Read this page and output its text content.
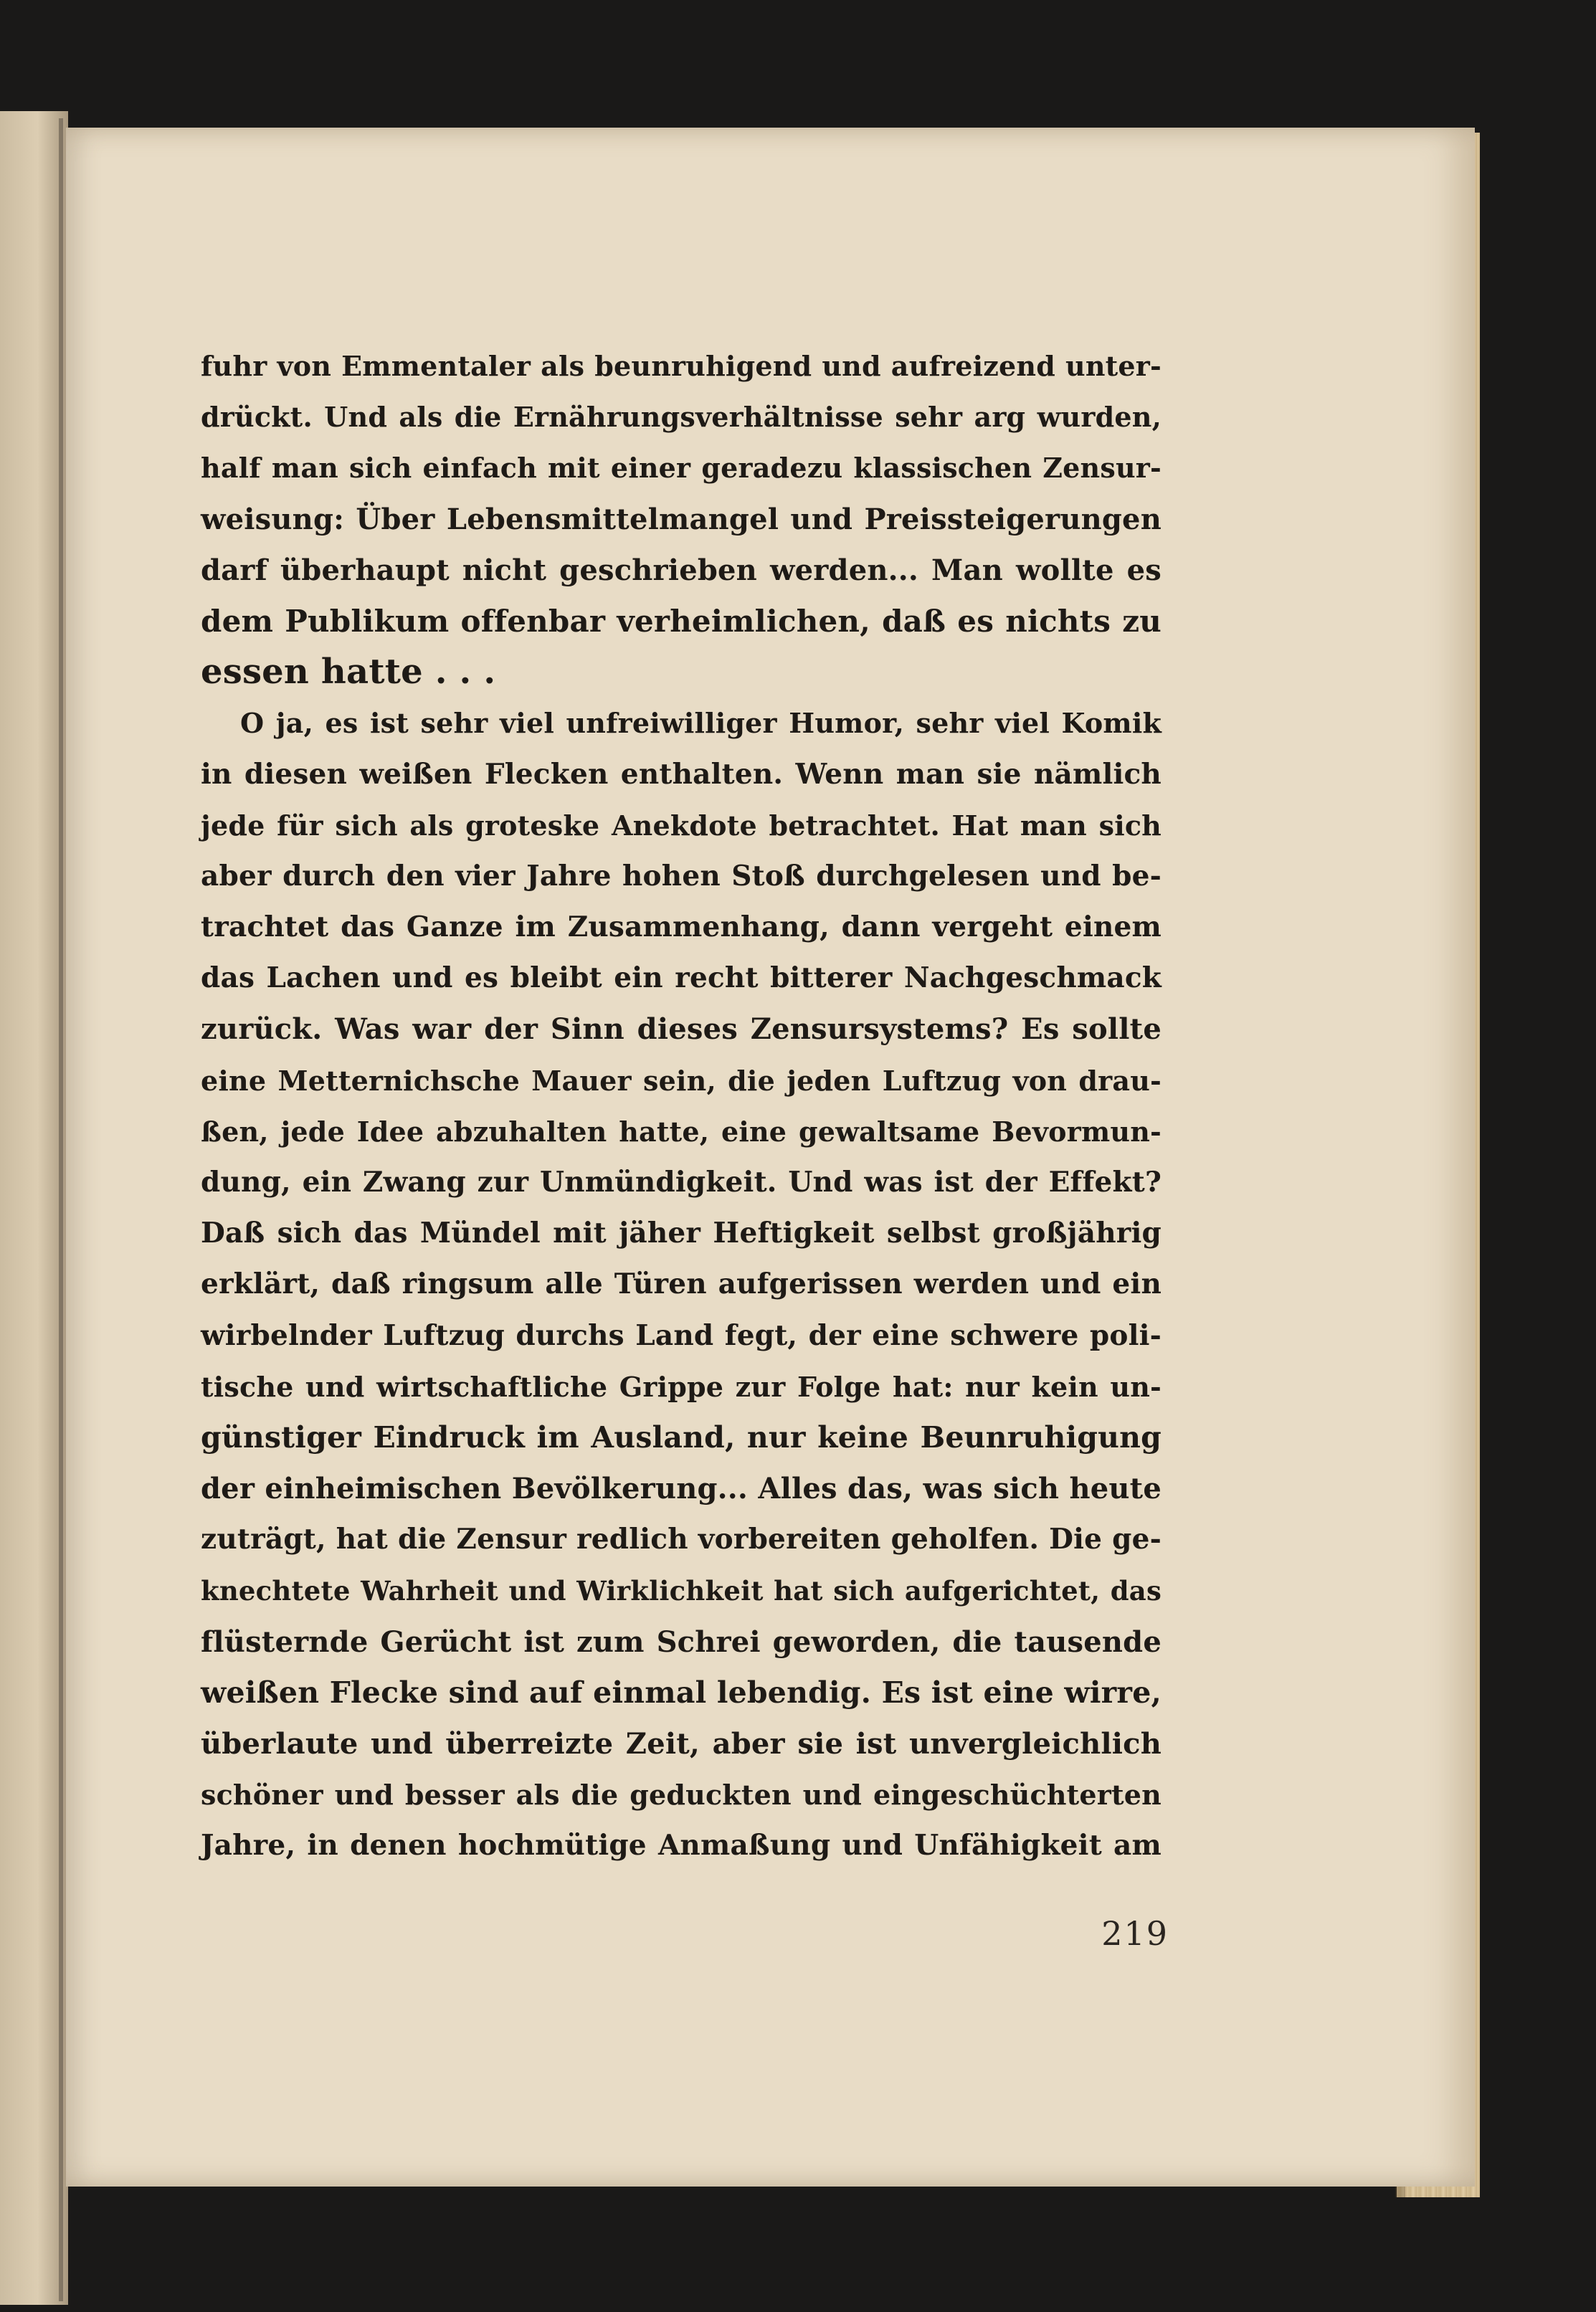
fuhr von Emmentaler als beunruhigend und aufreizend unter-
drückt. Und als die Ernährungsverhältnisse sehr arg wurden,
half man sich einfach mit einer geradezu klassischen Zensur-
weisung: Über Lebensmittelmangel und Preissteigerungen
darf überhaupt nicht geschrieben werden... Man wollte es
dem Publikum offenbar verheimlichen, daß es nichts zu
essen hatte . . .
O ja, es ist sehr viel unfreiwilliger Humor, sehr viel Komik
in diesen weißen Flecken enthalten. Wenn man sie nämlich
jede für sich als groteske Anekdote betrachtet. Hat man sich
aber durch den vier Jahre hohen Stoß durchgelesen und be-
trachtet das Ganze im Zusammenhang, dann vergeht einem
das Lachen und es bleibt ein recht bitterer Nachgeschmack
zurück. Was war der Sinn dieses Zensursystems? Es sollte
eine Metternichsche Mauer sein, die jeden Luftzug von drau-
ßen, jede Idee abzuhalten hatte, eine gewaltsame Bevormun-
dung, ein Zwang zur Unmündigkeit. Und was ist der Effekt?
Daß sich das Mündel mit jäher Heftigkeit selbst großjährig
erklärt, daß ringsum alle Türen aufgerissen werden und ein
wirbelnder Luftzug durchs Land fegt, der eine schwere poli-
tische und wirtschaftliche Grippe zur Folge hat: nur kein un-
günstiger Eindruck im Ausland, nur keine Beunruhigung
der einheimischen Bevölkerung... Alles das, was sich heute
zuträgt, hat die Zensur redlich vorbereiten geholfen. Die ge-
knechtete Wahrheit und Wirklichkeit hat sich aufgerichtet, das
flüsternde Gerücht ist zum Schrei geworden, die tausende
weißen Flecke sind auf einmal lebendig. Es ist eine wirre,
überlaute und überreizte Zeit, aber sie ist unvergleichlich
schöner und besser als die geduckten und eingeschüchterten
Jahre, in denen hochmütige Anmaßung und Unfähigkeit am
219
